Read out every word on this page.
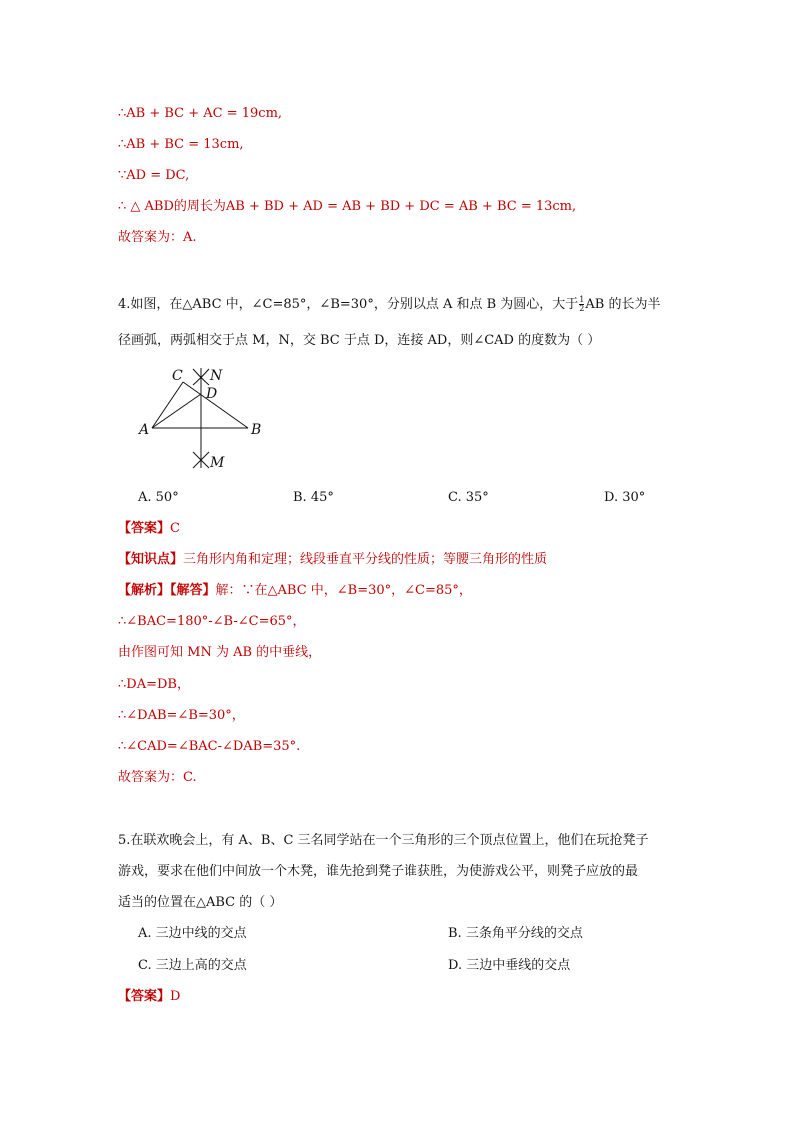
∴AB + BC + AC = 19cm,
∴AB + BC = 13cm,
∵AD = DC,
∴ △ ABD的周长为AB + BD + AD = AB + BD + DC = AB + BC = 13cm,
故答案为：A.
4.如图，在△ABC 中，∠C=85°，∠B=30°，分别以点 A 和点 B 为圆心，大于 $\frac{1}{2}$ AB 的长为半
径画弧，两弧相交于点 M，N，交 BC 于点 D，连接 AD，则∠CAD 的度数为（ ）
C N
D
A	B
M
A. 50°	B. 45°	C. 35°	D. 30°
【答案】C
【知识点】三角形内角和定理；线段垂直平分线的性质；等腰三角形的性质
【解析】【解答】解：∵在△ABC 中，∠B=30°，∠C=85°，
∴∠BAC=180°-∠B-∠C=65°，
由作图可知 MN 为 AB 的中垂线，
∴DA=DB，
∴∠DAB=∠B=30°，
∴∠CAD=∠BAC-∠DAB=35°.
故答案为：C.
5.在联欢晚会上，有 A、B、C 三名同学站在一个三角形的三个顶点位置上，他们在玩抢凳子
游戏，要求在他们中间放一个木凳，谁先抢到凳子谁获胜，为使游戏公平，则凳子应放的最
适当的位置在△ABC 的（ ）
A. 三边中线的交点	B. 三条角平分线的交点
C. 三边上高的交点	D. 三边中垂线的交点
【答案】D
